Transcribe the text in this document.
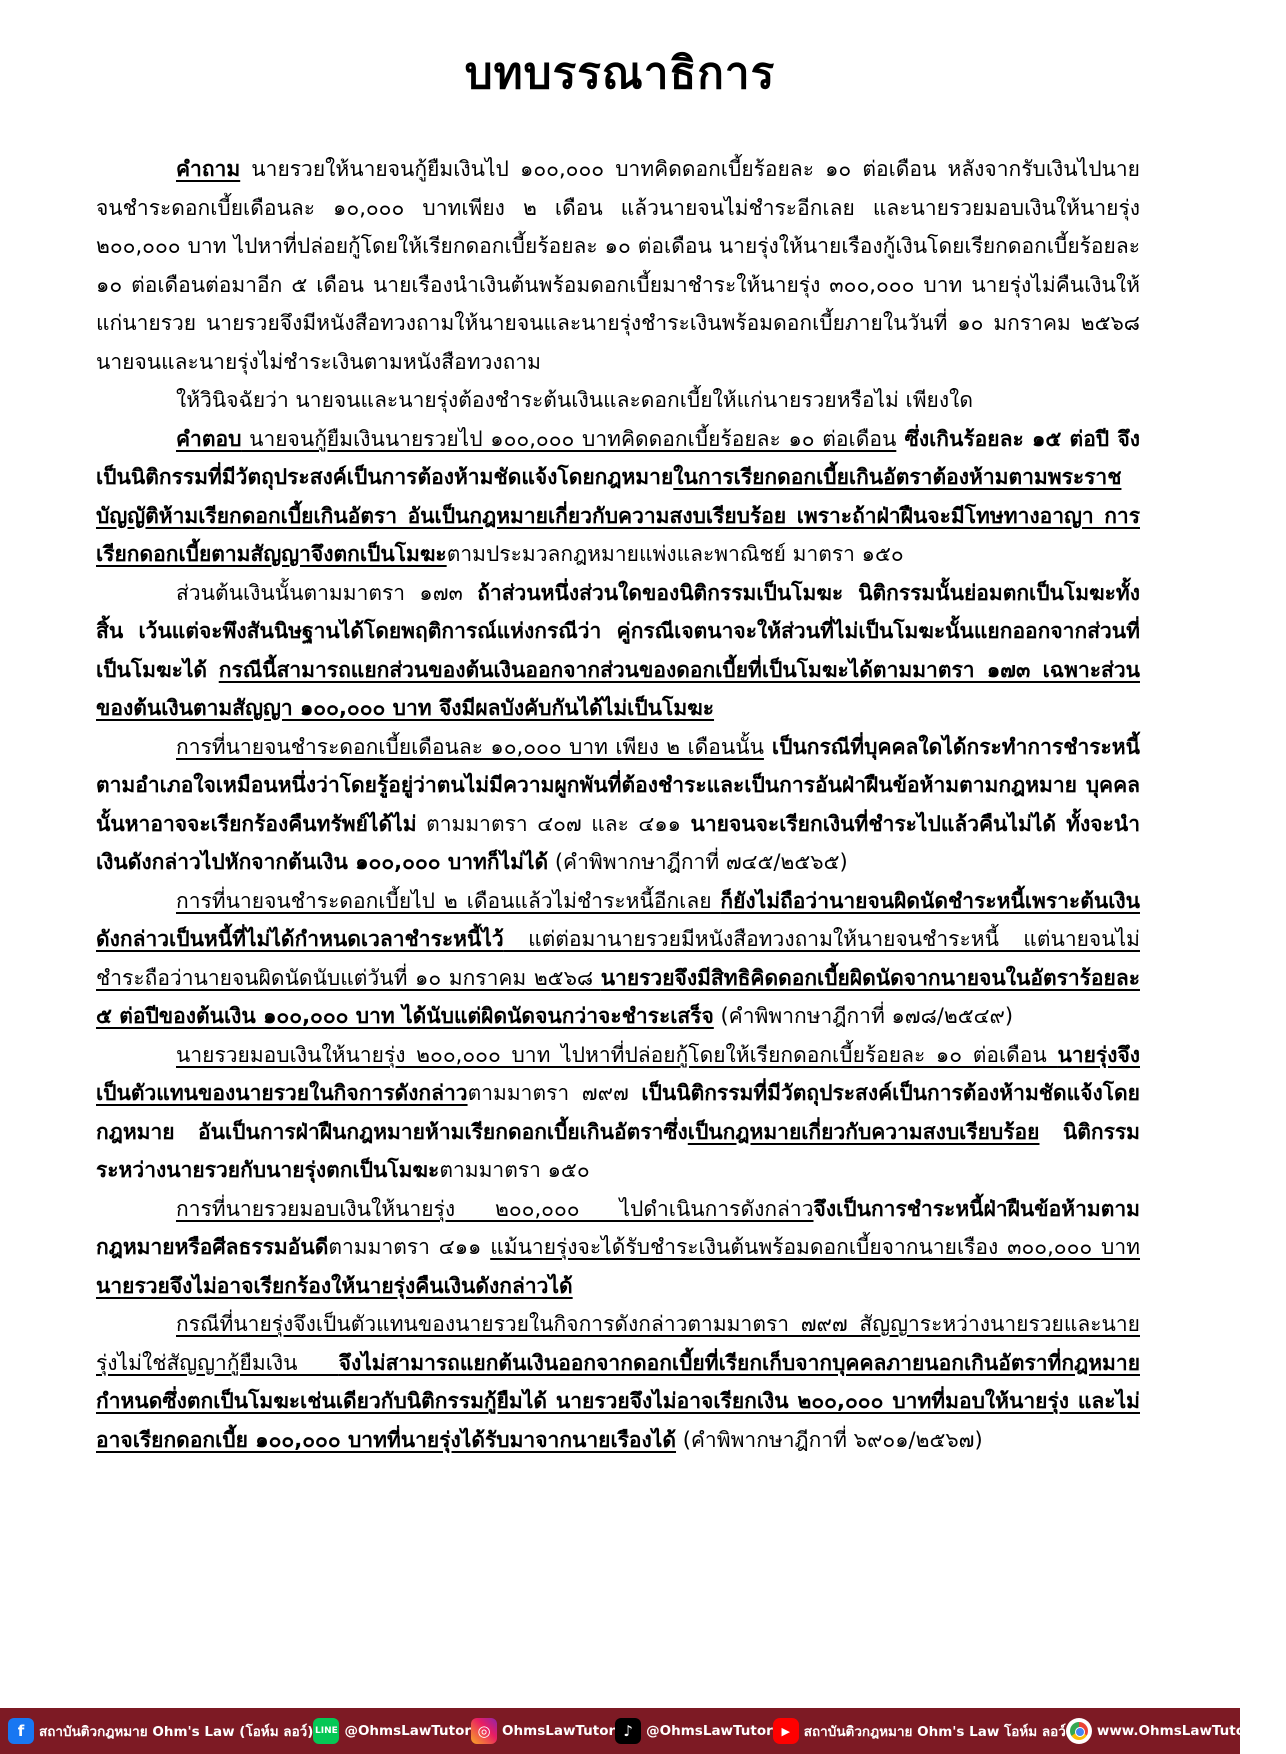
บทบรรณาธิการ

คำถาม นายรวยให้นายจนกู้ยืมเงินไป ๑๐๐,๐๐๐ บาทคิดดอกเบี้ยร้อยละ ๑๐ ต่อเดือน หลังจากรับเงินไปนายจนชำระดอกเบี้ยเดือนละ ๑๐,๐๐๐ บาทเพียง ๒ เดือน แล้วนายจนไม่ชำระอีกเลย และนายรวยมอบเงินให้นายรุ่ง ๒๐๐,๐๐๐ บาท ไปหาที่ปล่อยกู้โดยให้เรียกดอกเบี้ยร้อยละ ๑๐ ต่อเดือน นายรุ่งให้นายเรืองกู้เงินโดยเรียกดอกเบี้ยร้อยละ ๑๐ ต่อเดือนต่อมาอีก ๕ เดือน นายเรืองนำเงินต้นพร้อมดอกเบี้ยมาชำระให้นายรุ่ง ๓๐๐,๐๐๐ บาท นายรุ่งไม่คืนเงินให้แก่นายรวย นายรวยจึงมีหนังสือทวงถามให้นายจนและนายรุ่งชำระเงินพร้อมดอกเบี้ยภายในวันที่ ๑๐ มกราคม ๒๕๖๘ นายจนและนายรุ่งไม่ชำระเงินตามหนังสือทวงถาม

ให้วินิจฉัยว่า นายจนและนายรุ่งต้องชำระต้นเงินและดอกเบี้ยให้แก่นายรวยหรือไม่ เพียงใด

คำตอบ นายจนกู้ยืมเงินนายรวยไป ๑๐๐,๐๐๐ บาทคิดดอกเบี้ยร้อยละ ๑๐ ต่อเดือน ซึ่งเกินร้อยละ ๑๕ ต่อปี จึงเป็นนิติกรรมที่มีวัตถุประสงค์เป็นการต้องห้ามชัดแจ้งโดยกฎหมายในการเรียกดอกเบี้ยเกินอัตราต้องห้ามตามพระราชบัญญัติห้ามเรียกดอกเบี้ยเกินอัตรา อันเป็นกฎหมายเกี่ยวกับความสงบเรียบร้อย เพราะถ้าฝ่าฝืนจะมีโทษทางอาญา การเรียกดอกเบี้ยตามสัญญาจึงตกเป็นโมฆะตามประมวลกฎหมายแพ่งและพาณิชย์ มาตรา ๑๕๐

ส่วนต้นเงินนั้นตามมาตรา ๑๗๓ ถ้าส่วนหนึ่งส่วนใดของนิติกรรมเป็นโมฆะ นิติกรรมนั้นย่อมตกเป็นโมฆะทั้งสิ้น เว้นแต่จะพึงสันนิษฐานได้โดยพฤติการณ์แห่งกรณีว่า คู่กรณีเจตนาจะให้ส่วนที่ไม่เป็นโมฆะนั้นแยกออกจากส่วนที่เป็นโมฆะได้ กรณีนี้สามารถแยกส่วนของต้นเงินออกจากส่วนของดอกเบี้ยที่เป็นโมฆะได้ตามมาตรา ๑๗๓ เฉพาะส่วนของต้นเงินตามสัญญา ๑๐๐,๐๐๐ บาท จึงมีผลบังคับกันได้ไม่เป็นโมฆะ

การที่นายจนชำระดอกเบี้ยเดือนละ ๑๐,๐๐๐ บาท เพียง ๒ เดือนนั้น เป็นกรณีที่บุคคลใดได้กระทำการชำระหนี้ตามอำเภอใจเหมือนหนึ่งว่าโดยรู้อยู่ว่าตนไม่มีความผูกพันที่ต้องชำระและเป็นการอันฝ่าฝืนข้อห้ามตามกฎหมาย บุคคลนั้นหาอาจจะเรียกร้องคืนทรัพย์ได้ไม่ ตามมาตรา ๔๐๗ และ ๔๑๑ นายจนจะเรียกเงินที่ชำระไปแล้วคืนไม่ได้ ทั้งจะนำเงินดังกล่าวไปหักจากต้นเงิน ๑๐๐,๐๐๐ บาทก็ไม่ได้ (คำพิพากษาฎีกาที่ ๗๔๕/๒๕๖๕)

การที่นายจนชำระดอกเบี้ยไป ๒ เดือนแล้วไม่ชำระหนี้อีกเลย ก็ยังไม่ถือว่านายจนผิดนัดชำระหนี้เพราะต้นเงินดังกล่าวเป็นหนี้ที่ไม่ได้กำหนดเวลาชำระหนี้ไว้ แต่ต่อมานายรวยมีหนังสือทวงถามให้นายจนชำระหนี้ แต่นายจนไม่ชำระถือว่านายจนผิดนัดนับแต่วันที่ ๑๐ มกราคม ๒๕๖๘ นายรวยจึงมีสิทธิคิดดอกเบี้ยผิดนัดจากนายจนในอัตราร้อยละ ๕ ต่อปีของต้นเงิน ๑๐๐,๐๐๐ บาท ได้นับแต่ผิดนัดจนกว่าจะชำระเสร็จ (คำพิพากษาฎีกาที่ ๑๗๘/๒๕๔๙)

นายรวยมอบเงินให้นายรุ่ง ๒๐๐,๐๐๐ บาท ไปหาที่ปล่อยกู้โดยให้เรียกดอกเบี้ยร้อยละ ๑๐ ต่อเดือน นายรุ่งจึงเป็นตัวแทนของนายรวยในกิจการดังกล่าวตามมาตรา ๗๙๗ เป็นนิติกรรมที่มีวัตถุประสงค์เป็นการต้องห้ามชัดแจ้งโดยกฎหมาย อันเป็นการฝ่าฝืนกฎหมายห้ามเรียกดอกเบี้ยเกินอัตราซึ่งเป็นกฎหมายเกี่ยวกับความสงบเรียบร้อย นิติกรรมระหว่างนายรวยกับนายรุ่งตกเป็นโมฆะตามมาตรา ๑๕๐

การที่นายรวยมอบเงินให้นายรุ่ง ๒๐๐,๐๐๐ ไปดำเนินการดังกล่าวจึงเป็นการชำระหนี้ฝ่าฝืนข้อห้ามตามกฎหมายหรือศีลธรรมอันดีตามมาตรา ๔๑๑ แม้นายรุ่งจะได้รับชำระเงินต้นพร้อมดอกเบี้ยจากนายเรือง ๓๐๐,๐๐๐ บาท นายรวยจึงไม่อาจเรียกร้องให้นายรุ่งคืนเงินดังกล่าวได้

กรณีที่นายรุ่งจึงเป็นตัวแทนของนายรวยในกิจการดังกล่าวตามมาตรา ๗๙๗ สัญญาระหว่างนายรวยและนายรุ่งไม่ใช่สัญญากู้ยืมเงิน จึงไม่สามารถแยกต้นเงินออกจากดอกเบี้ยที่เรียกเก็บจากบุคคลภายนอกเกินอัตราที่กฎหมายกำหนดซึ่งตกเป็นโมฆะเช่นเดียวกับนิติกรรมกู้ยืมได้ นายรวยจึงไม่อาจเรียกเงิน ๒๐๐,๐๐๐ บาทที่มอบให้นายรุ่ง และไม่อาจเรียกดอกเบี้ย ๑๐๐,๐๐๐ บาทที่นายรุ่งได้รับมาจากนายเรืองได้ (คำพิพากษาฎีกาที่ ๖๙๐๑/๒๕๖๗)

f	สถาบันติวกฎหมาย Ohm's Law (โอห์ม ลอว์) LINE @OhmsLawTutor ◎ OhmsLawTutor ♪ @OhmsLawTutor ▶	สถาบันติวกฎหมาย Ohm's Law โอห์ม ลอว์ www.OhmsLawTutor.com
